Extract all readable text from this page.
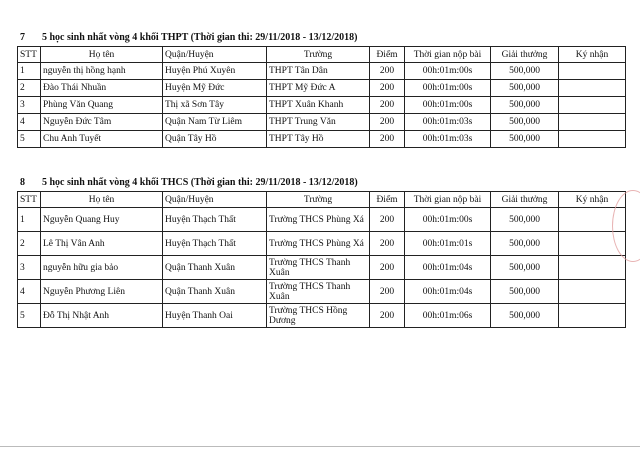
7 5 học sinh nhất vòng 4 khối THPT (Thời gian thi: 29/11/2018 - 13/12/2018)
STT	Họ tên	Quận/Huyện	Trường	Điểm	Thời gian nộp bài	Giải thưởng	Ký nhận
1	nguyễn thị hồng hạnh	Huyện Phú Xuyên	THPT Tân Dân	200	00h:01m:00s	500,000	
2	Đào Thái Nhuần	Huyện Mỹ Đức	THPT Mỹ Đức A	200	00h:01m:00s	500,000	
3	Phùng Văn Quang	Thị xã Sơn Tây	THPT Xuân Khanh	200	00h:01m:00s	500,000	
4	Nguyễn Đức Tâm	Quận Nam Từ Liêm	THPT Trung Văn	200	00h:01m:03s	500,000	
5	Chu Anh Tuyết	Quận Tây Hồ	THPT Tây Hồ	200	00h:01m:03s	500,000	
8 5 học sinh nhất vòng 4 khối THCS (Thời gian thi: 29/11/2018 - 13/12/2018)
STT	Họ tên	Quận/Huyện	Trường	Điểm	Thời gian nộp bài	Giải thưởng	Ký nhận
1	Nguyễn Quang Huy	Huyện Thạch Thất	Trường THCS Phùng Xá	200	00h:01m:00s	500,000	
2	Lê Thị Vân Anh	Huyện Thạch Thất	Trường THCS Phùng Xá	200	00h:01m:01s	500,000	
3	nguyễn hữu gia bảo	Quận Thanh Xuân	Trường THCS Thanh Xuân	200	00h:01m:04s	500,000	
4	Nguyễn Phương Liên	Quận Thanh Xuân	Trường THCS Thanh Xuân	200	00h:01m:04s	500,000	
5	Đỗ Thị Nhật Anh	Huyện Thanh Oai	Trường THCS Hồng Dương	200	00h:01m:06s	500,000	
